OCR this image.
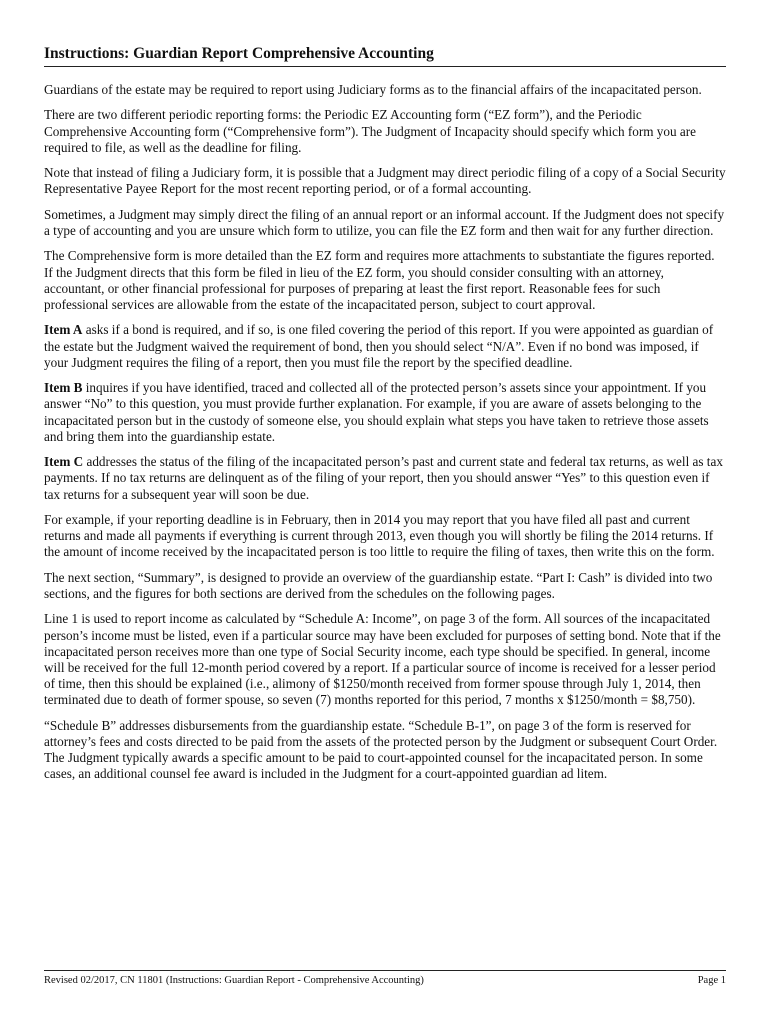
Instructions: Guardian Report Comprehensive Accounting

Guardians of the estate may be required to report using Judiciary forms as to the financial affairs of the incapacitated person.

There are two different periodic reporting forms: the Periodic EZ Accounting form (“EZ form”), and the Periodic Comprehensive Accounting form (“Comprehensive form”). The Judgment of Incapacity should specify which form you are required to file, as well as the deadline for filing.

Note that instead of filing a Judiciary form, it is possible that a Judgment may direct periodic filing of a copy of a Social Security Representative Payee Report for the most recent reporting period, or of a formal accounting.

Sometimes, a Judgment may simply direct the filing of an annual report or an informal account. If the Judgment does not specify a type of accounting and you are unsure which form to utilize, you can file the EZ form and then wait for any further direction.

The Comprehensive form is more detailed than the EZ form and requires more attachments to substantiate the figures reported. If the Judgment directs that this form be filed in lieu of the EZ form, you should consider consulting with an attorney, accountant, or other financial professional for purposes of preparing at least the first report. Reasonable fees for such professional services are allowable from the estate of the incapacitated person, subject to court approval.

Item A asks if a bond is required, and if so, is one filed covering the period of this report. If you were appointed as guardian of the estate but the Judgment waived the requirement of bond, then you should select “N/A”. Even if no bond was imposed, if your Judgment requires the filing of a report, then you must file the report by the specified deadline.

Item B inquires if you have identified, traced and collected all of the protected person’s assets since your appointment. If you answer “No” to this question, you must provide further explanation. For example, if you are aware of assets belonging to the incapacitated person but in the custody of someone else, you should explain what steps you have taken to retrieve those assets and bring them into the guardianship estate.

Item C addresses the status of the filing of the incapacitated person’s past and current state and federal tax returns, as well as tax payments. If no tax returns are delinquent as of the filing of your report, then you should answer “Yes” to this question even if tax returns for a subsequent year will soon be due.

For example, if your reporting deadline is in February, then in 2014 you may report that you have filed all past and current returns and made all payments if everything is current through 2013, even though you will shortly be filing the 2014 returns. If the amount of income received by the incapacitated person is too little to require the filing of taxes, then write this on the form.

The next section, “Summary”, is designed to provide an overview of the guardianship estate. “Part I: Cash” is divided into two sections, and the figures for both sections are derived from the schedules on the following pages.

Line 1 is used to report income as calculated by “Schedule A: Income”, on page 3 of the form. All sources of the incapacitated person’s income must be listed, even if a particular source may have been excluded for purposes of setting bond. Note that if the incapacitated person receives more than one type of Social Security income, each type should be specified. In general, income will be received for the full 12-month period covered by a report. If a particular source of income is received for a lesser period of time, then this should be explained (i.e., alimony of $1250/month received from former spouse through July 1, 2014, then terminated due to death of former spouse, so seven (7) months reported for this period, 7 months x $1250/month = $8,750).

“Schedule B” addresses disbursements from the guardianship estate. “Schedule B-1”, on page 3 of the form is reserved for attorney’s fees and costs directed to be paid from the assets of the protected person by the Judgment or subsequent Court Order. The Judgment typically awards a specific amount to be paid to court-appointed counsel for the incapacitated person. In some cases, an additional counsel fee award is included in the Judgment for a court-appointed guardian ad litem.

Revised 02/2017, CN 11801 (Instructions: Guardian Report - Comprehensive Accounting)	Page 1
